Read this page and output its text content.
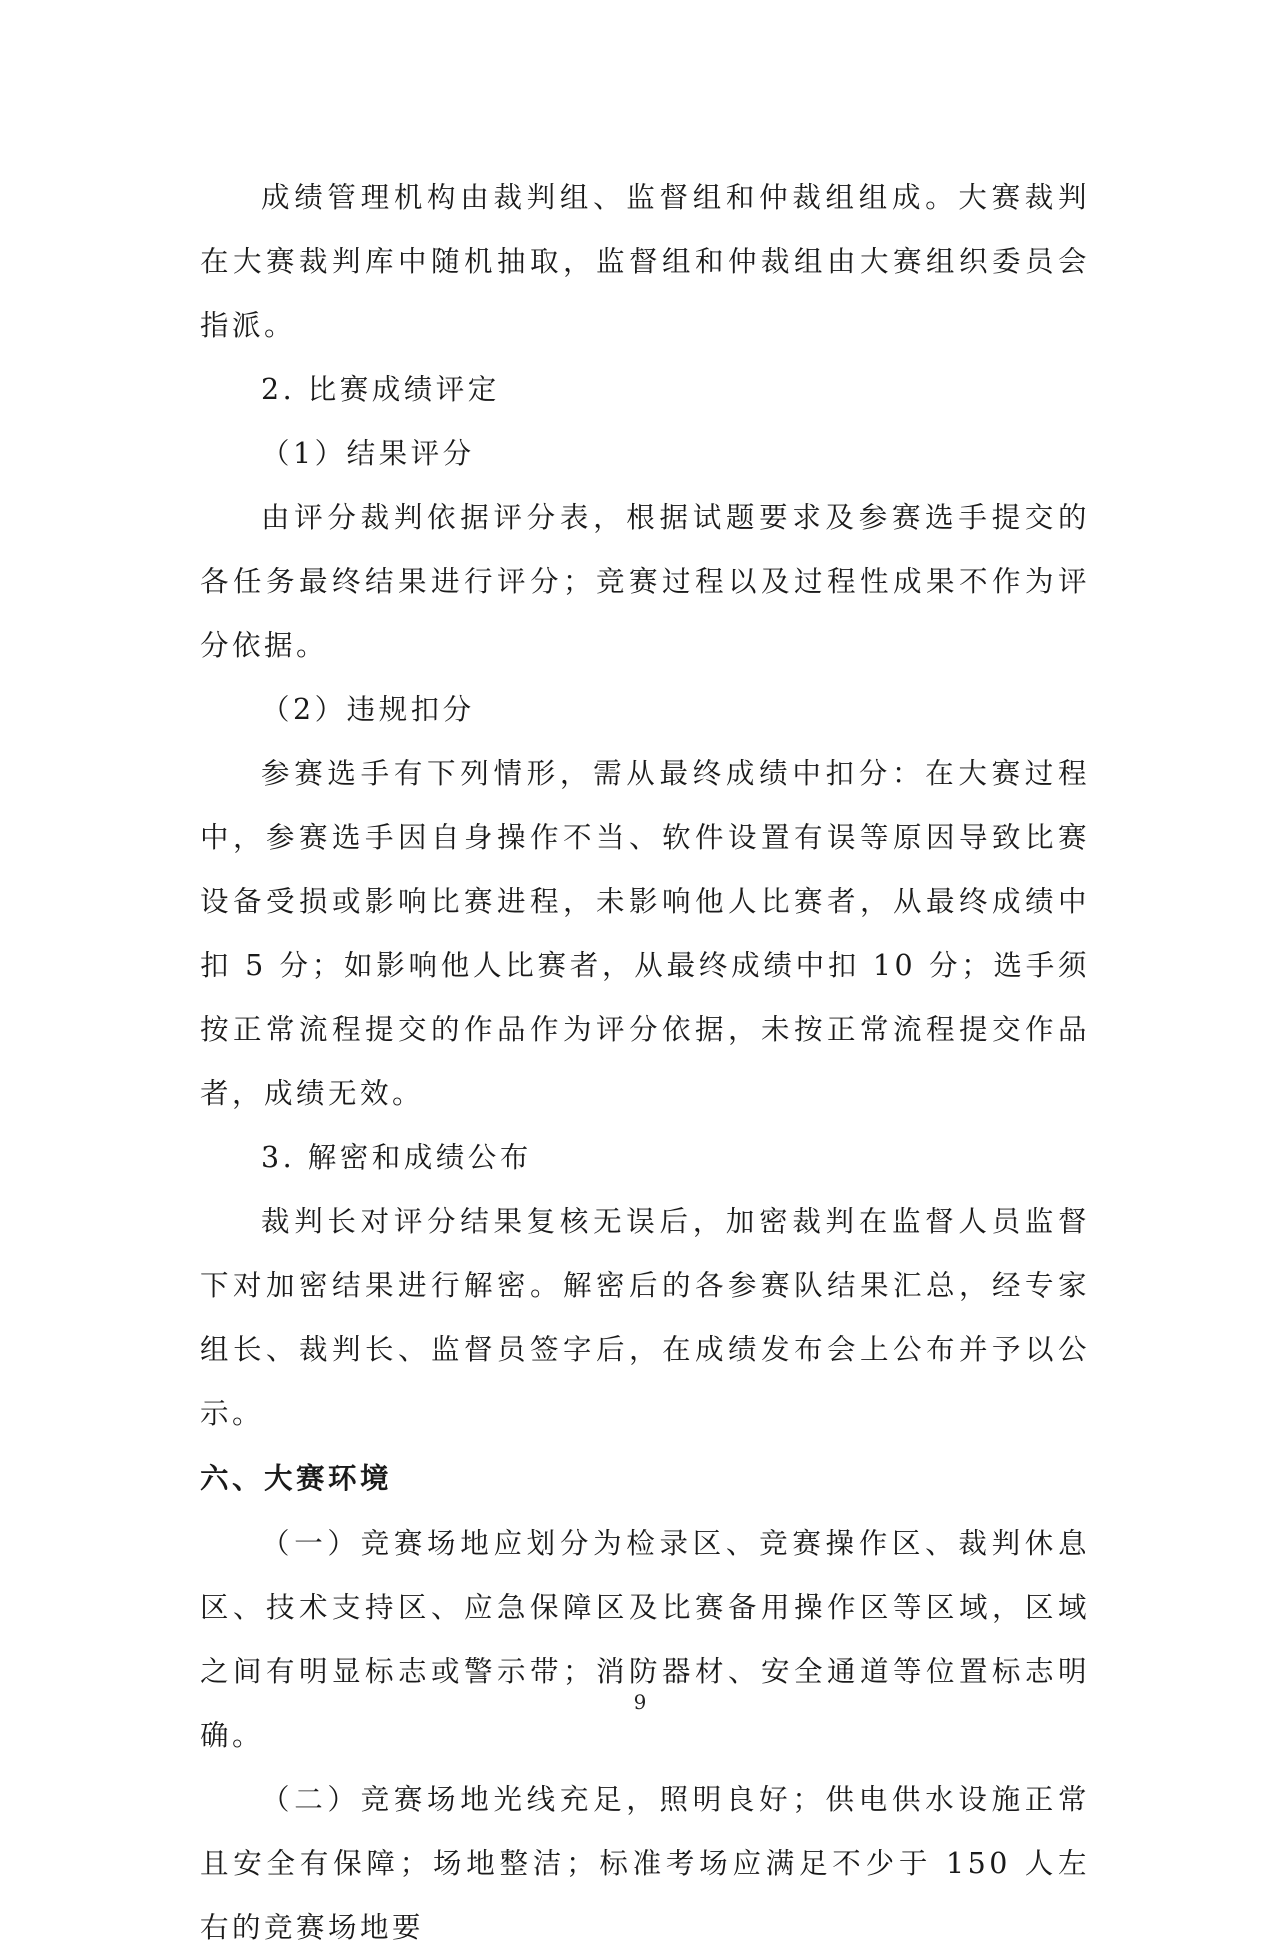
成绩管理机构由裁判组、监督组和仲裁组组成。大赛裁判在大赛裁判库中随机抽取，监督组和仲裁组由大赛组织委员会指派。

2. 比赛成绩评定

（1）结果评分

由评分裁判依据评分表，根据试题要求及参赛选手提交的各任务最终结果进行评分；竞赛过程以及过程性成果不作为评分依据。

（2）违规扣分

参赛选手有下列情形，需从最终成绩中扣分：在大赛过程中，参赛选手因自身操作不当、软件设置有误等原因导致比赛设备受损或影响比赛进程，未影响他人比赛者，从最终成绩中扣 5 分；如影响他人比赛者，从最终成绩中扣 10 分；选手须按正常流程提交的作品作为评分依据，未按正常流程提交作品者，成绩无效。

3. 解密和成绩公布

裁判长对评分结果复核无误后，加密裁判在监督人员监督下对加密结果进行解密。解密后的各参赛队结果汇总，经专家组长、裁判长、监督员签字后，在成绩发布会上公布并予以公示。

六、大赛环境

（一）竞赛场地应划分为检录区、竞赛操作区、裁判休息区、技术支持区、应急保障区及比赛备用操作区等区域，区域之间有明显标志或警示带；消防器材、安全通道等位置标志明确。

（二）竞赛场地光线充足，照明良好；供电供水设施正常且安全有保障；场地整洁；标准考场应满足不少于 150 人左右的竞赛场地要

9
